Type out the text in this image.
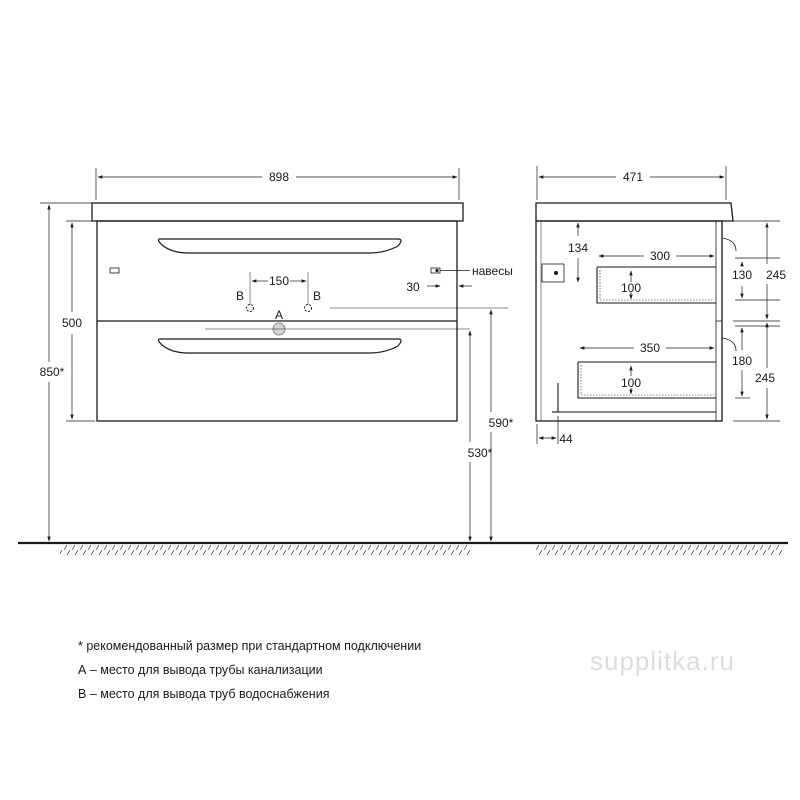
898
850*
500
150
B	B
A
30
навесы
590*
530*
471
134
300
100
130 245
350
100
180
245
44
supplitka.ru
* рекомендованный размер при стандартном подключении
А – место для вывода трубы канализации
В – место для вывода труб водоснабжения
